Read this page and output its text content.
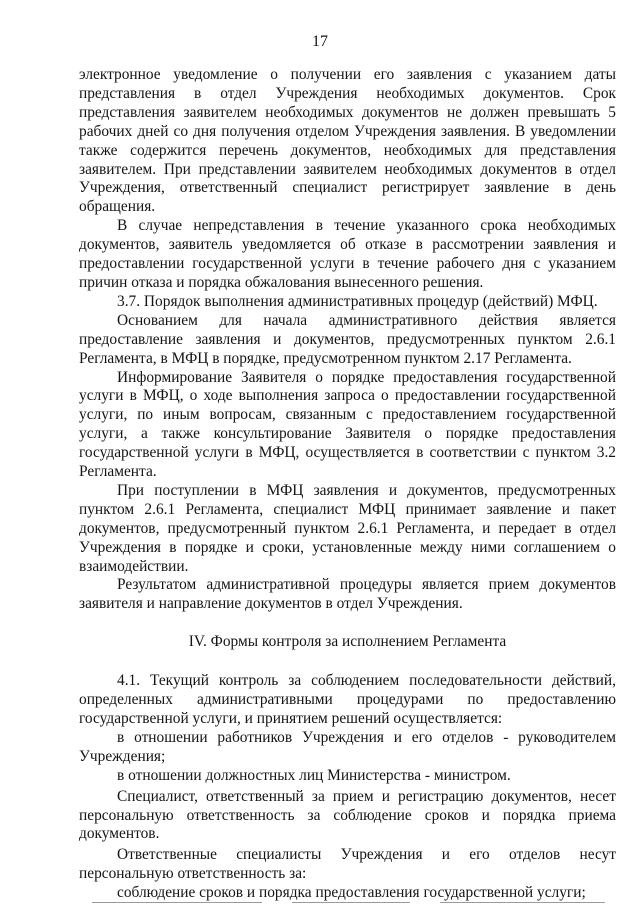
17

электронное уведомление о получении его заявления с указанием даты представления в отдел Учреждения необходимых документов. Срок представления заявителем необходимых документов не должен превышать 5 рабочих дней со дня получения отделом Учреждения заявления. В уведомлении также содержится перечень документов, необходимых для представления заявителем. При представлении заявителем необходимых документов в отдел Учреждения, ответственный специалист регистрирует заявление в день обращения.

В случае непредставления в течение указанного срока необходимых документов, заявитель уведомляется об отказе в рассмотрении заявления и предоставлении государственной услуги в течение рабочего дня с указанием причин отказа и порядка обжалования вынесенного решения.

3.7. Порядок выполнения административных процедур (действий) МФЦ.

Основанием для начала административного действия является предоставление заявления и документов, предусмотренных пунктом 2.6.1 Регламента, в МФЦ в порядке, предусмотренном пунктом 2.17 Регламента.

Информирование Заявителя о порядке предоставления государственной услуги в МФЦ, о ходе выполнения запроса о предоставлении государственной услуги, по иным вопросам, связанным с предоставлением государственной услуги, а также консультирование Заявителя о порядке предоставления государственной услуги в МФЦ, осуществляется в соответствии с пунктом 3.2 Регламента.

При поступлении в МФЦ заявления и документов, предусмотренных пунктом 2.6.1 Регламента, специалист МФЦ принимает заявление и пакет документов, предусмотренный пунктом 2.6.1 Регламента, и передает в отдел Учреждения в порядке и сроки, установленные между ними соглашением о взаимодействии.

Результатом административной процедуры является прием документов заявителя и направление документов в отдел Учреждения.

IV. Формы контроля за исполнением Регламента

4.1. Текущий контроль за соблюдением последовательности действий, определенных административными процедурами по предоставлению государственной услуги, и принятием решений осуществляется:

в отношении работников Учреждения и его отделов - руководителем Учреждения;

в отношении должностных лиц Министерства - министром.

Специалист, ответственный за прием и регистрацию документов, несет персональную ответственность за соблюдение сроков и порядка приема документов.

Ответственные специалисты Учреждения и его отделов несут персональную ответственность за:

соблюдение сроков и порядка предоставления государственной услуги;
